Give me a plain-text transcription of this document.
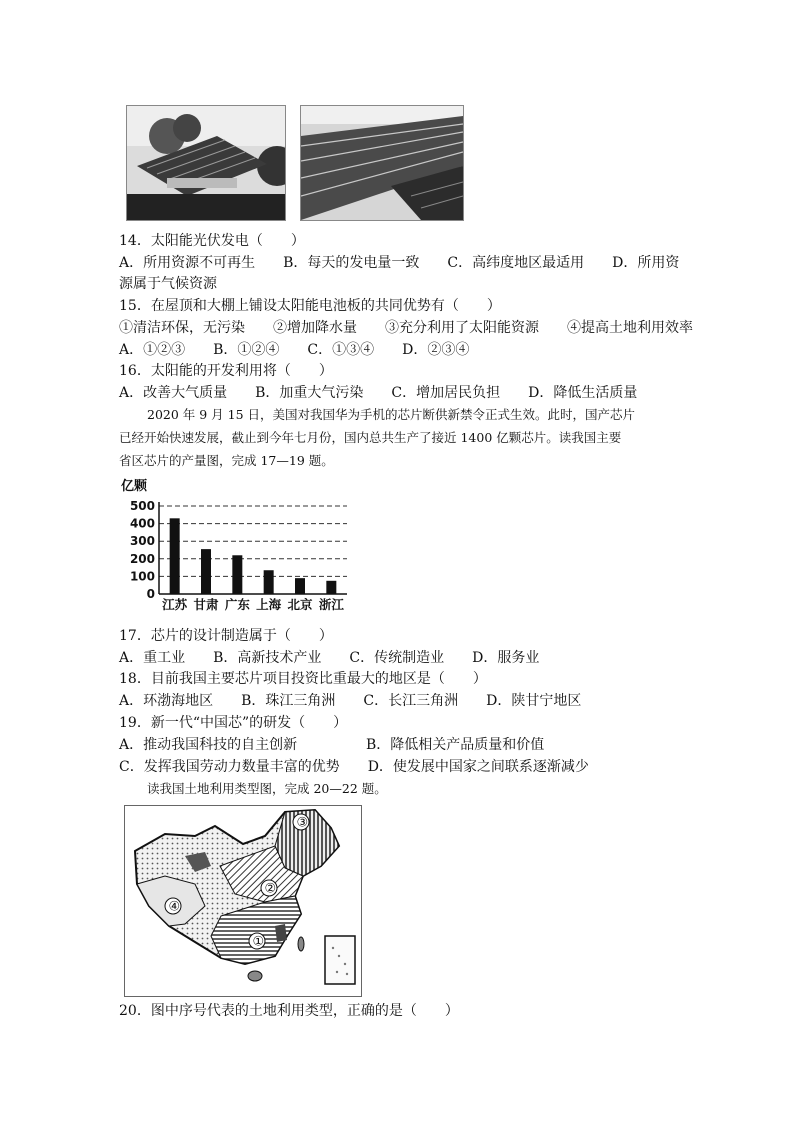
14．太阳能光伏发电（　　）
A．所用资源不可再生　　B．每天的发电量一致　　C．高纬度地区最适用　　D．所用资
源属于气候资源
15．在屋顶和大棚上铺设太阳能电池板的共同优势有（　　）
①清洁环保，无污染　　②增加降水量　　③充分利用了太阳能资源　　④提高土地利用效率
A．①②③　　B．①②④　　C．①③④　　D．②③④
16．太阳能的开发利用将（　　）
A．改善大气质量　　B．加重大气污染　　C．增加居民负担　　D．降低生活质量
2020 年 9 月 15 日，美国对我国华为手机的芯片断供新禁令正式生效。此时，国产芯片
已经开始快速发展，截止到今年七月份，国内总共生产了接近 1400 亿颗芯片。读我国主要
省区芯片的产量图，完成 17—19 题。
亿颗
0
100
200
300
400
500
江苏 甘肃 广东 上海 北京 浙江
17．芯片的设计制造属于（　　）
A．重工业　　B．高新技术产业　　C．传统制造业　　D．服务业
18．目前我国主要芯片项目投资比重最大的地区是（　　）
A．环渤海地区　　B．珠江三角洲　　C．长江三角洲　　D．陕甘宁地区
19．新一代“中国芯”的研发（　　）
A．推动我国科技的自主创新	B．降低相关产品质量和价值
C．发挥我国劳动力数量丰富的优势　　D．使发展中国家之间联系逐渐减少
读我国土地利用类型图，完成 20—22 题。
①
②
③
④
20．图中序号代表的土地利用类型，正确的是（　　）
